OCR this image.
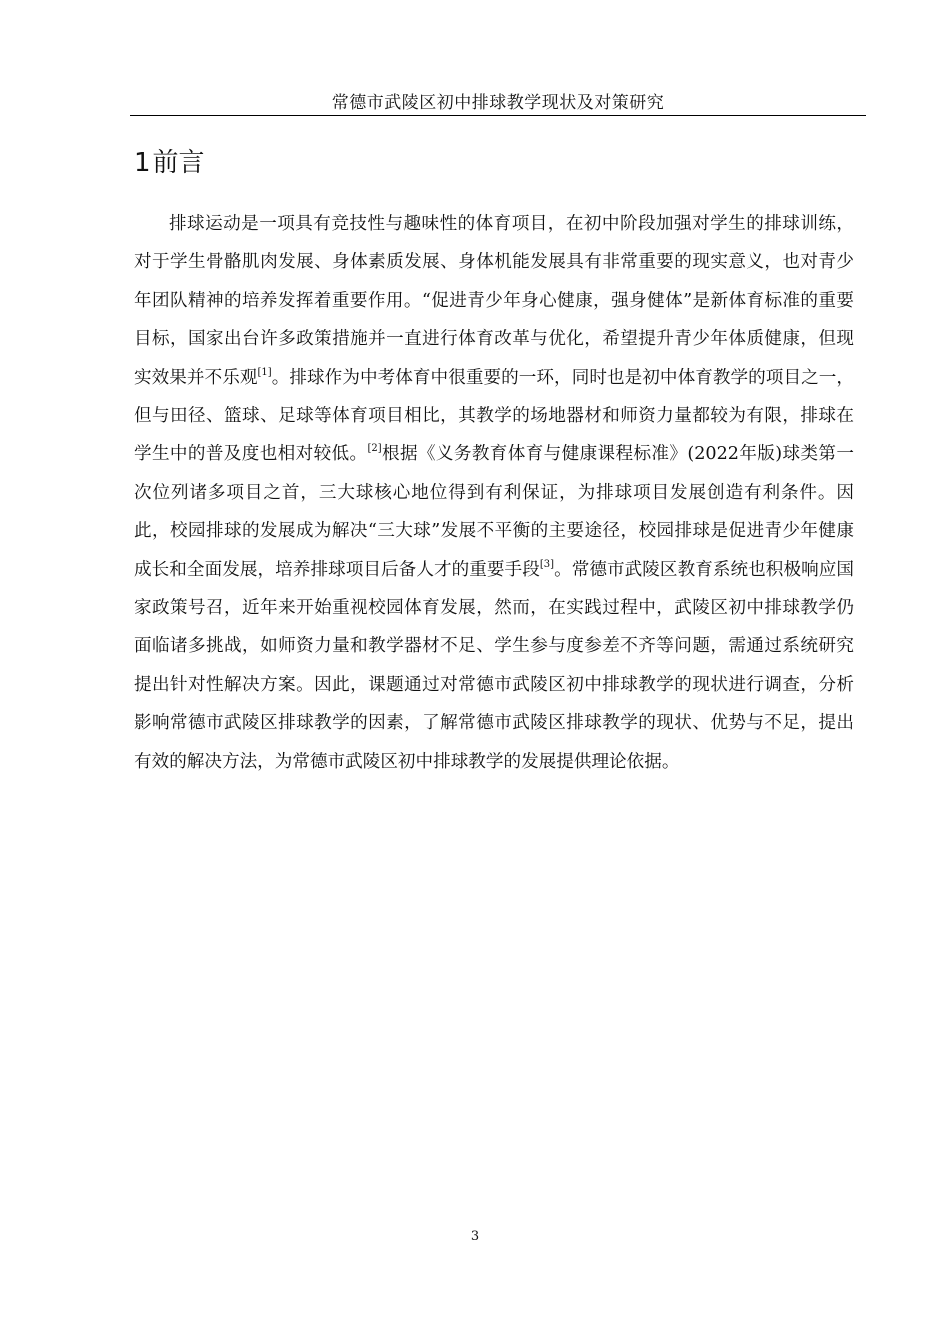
常德市武陵区初中排球教学现状及对策研究
1前言

排球运动是一项具有竞技性与趣味性的体育项目，在初中阶段加强对学生的排球训练，对于学生骨骼肌肉发展、身体素质发展、身体机能发展具有非常重要的现实意义，也对青少年团队精神的培养发挥着重要作用。“促进青少年身心健康，强身健体”是新体育标准的重要目标，国家出台许多政策措施并一直进行体育改革与优化，希望提升青少年体质健康，但现实效果并不乐观[1]。排球作为中考体育中很重要的一环，同时也是初中体育教学的项目之一，但与田径、篮球、足球等体育项目相比，其教学的场地器材和师资力量都较为有限，排球在学生中的普及度也相对较低。[2]根据《义务教育体育与健康课程标准》(2022年版)球类第一次位列诸多项目之首，三大球核心地位得到有利保证，为排球项目发展创造有利条件。因此，校园排球的发展成为解决“三大球”发展不平衡的主要途径，校园排球是促进青少年健康成长和全面发展，培养排球项目后备人才的重要手段[3]。常德市武陵区教育系统也积极响应国家政策号召，近年来开始重视校园体育发展，然而，在实践过程中，武陵区初中排球教学仍面临诸多挑战，如师资力量和教学器材不足、学生参与度参差不齐等问题，需通过系统研究提出针对性解决方案。因此，课题通过对常德市武陵区初中排球教学的现状进行调查，分析影响常德市武陵区排球教学的因素，了解常德市武陵区排球教学的现状、优势与不足，提出有效的解决方法，为常德市武陵区初中排球教学的发展提供理论依据。

3
